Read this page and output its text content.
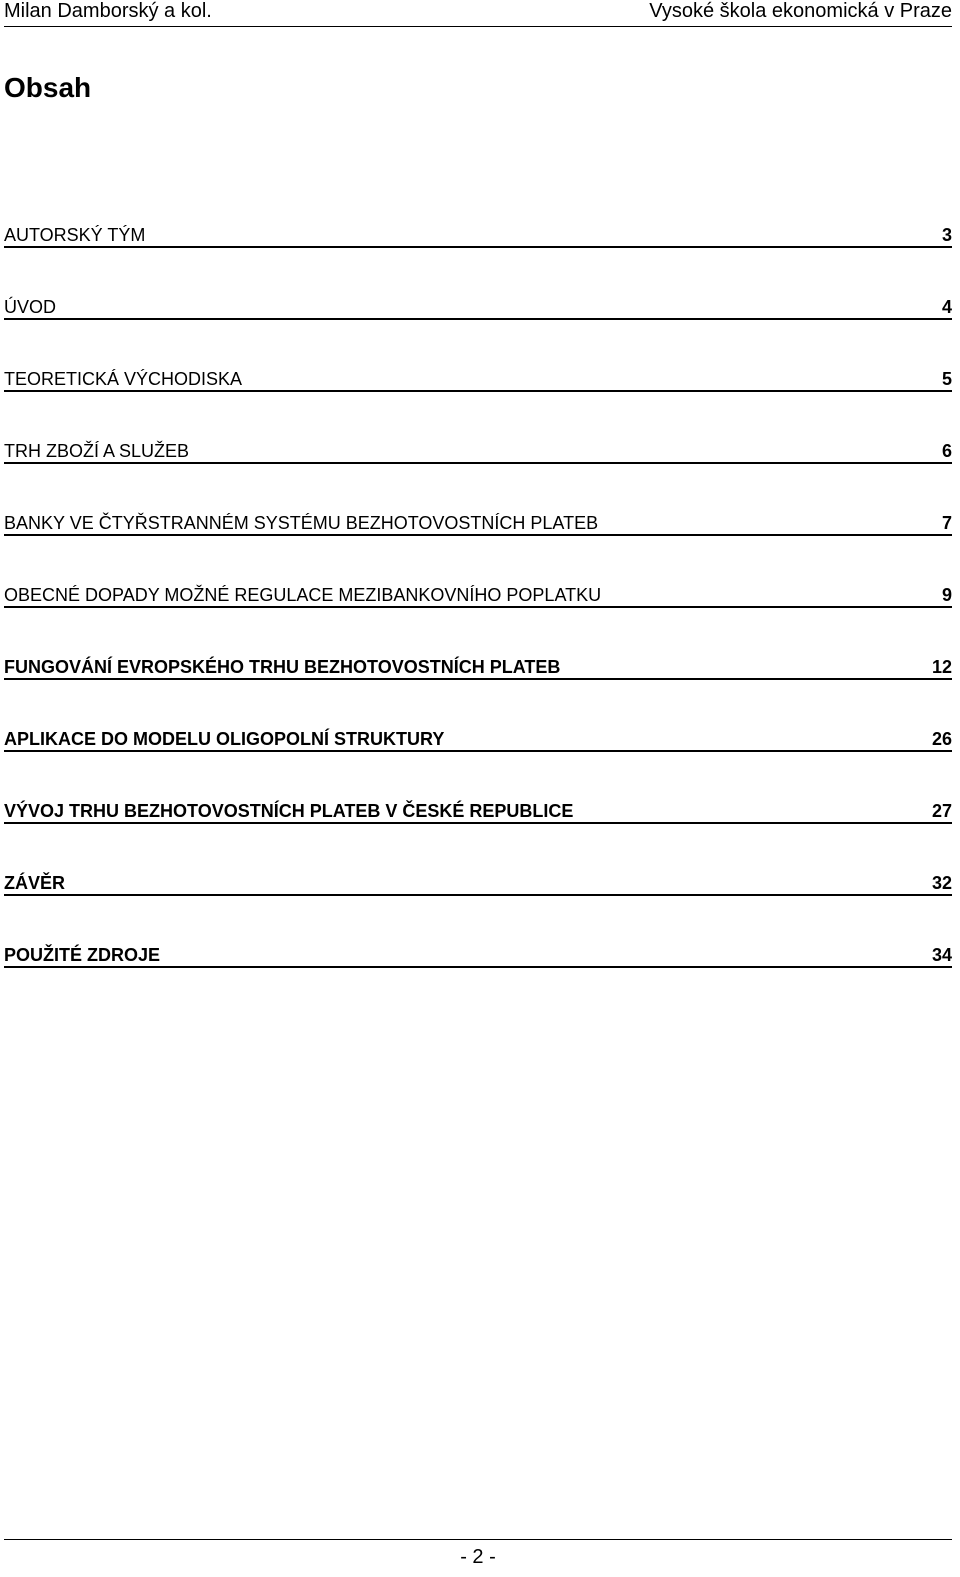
Milan Damborský a kol.	Vysoké škola ekonomická v Praze
Obsah
AUTORSKÝ TÝM	3
ÚVOD	4
TEORETICKÁ VÝCHODISKA	5
TRH ZBOŽÍ A SLUŽEB	6
BANKY VE ČTYŘSTRANNÉM SYSTÉMU BEZHOTOVOSTNÍCH PLATEB	7
OBECNÉ DOPADY MOŽNÉ REGULACE MEZIBANKOVNÍHO POPLATKU	9
FUNGOVÁNÍ EVROPSKÉHO TRHU BEZHOTOVOSTNÍCH PLATEB	12
APLIKACE DO MODELU OLIGOPOLNÍ STRUKTURY	26
VÝVOJ TRHU BEZHOTOVOSTNÍCH PLATEB V ČESKÉ REPUBLICE	27
ZÁVĚR	32
POUŽITÉ ZDROJE	34
- 2 -
